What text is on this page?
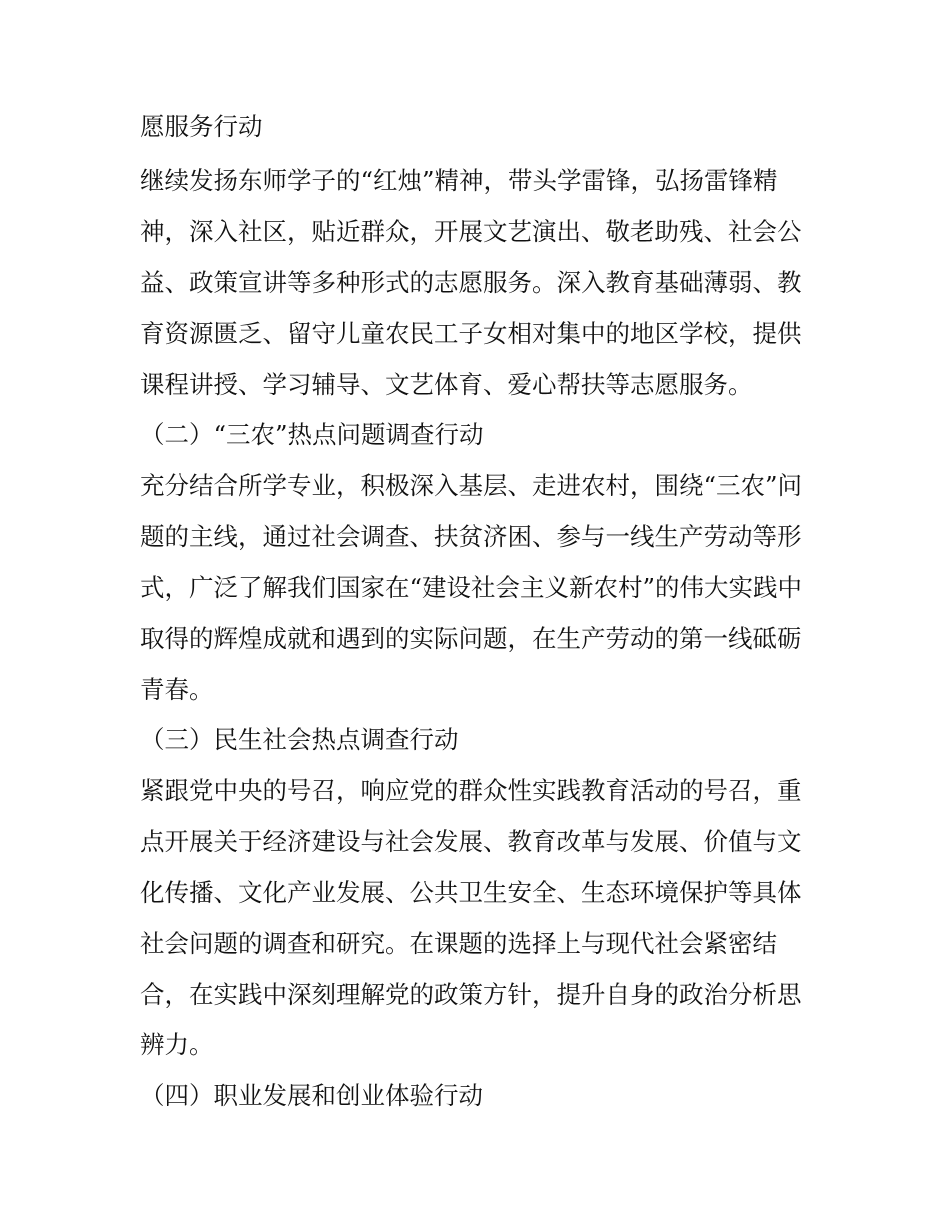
愿服务行动
继续发扬东师学子的“红烛”精神，带头学雷锋，弘扬雷锋精
神，深入社区，贴近群众，开展文艺演出、敬老助残、社会公
益、政策宣讲等多种形式的志愿服务。深入教育基础薄弱、教
育资源匮乏、留守儿童农民工子女相对集中的地区学校，提供
课程讲授、学习辅导、文艺体育、爱心帮扶等志愿服务。
（二）“三农”热点问题调查行动
充分结合所学专业，积极深入基层、走进农村，围绕“三农”问
题的主线，通过社会调查、扶贫济困、参与一线生产劳动等形
式，广泛了解我们国家在“建设社会主义新农村”的伟大实践中
取得的辉煌成就和遇到的实际问题，在生产劳动的第一线砥砺
青春。
（三）民生社会热点调查行动
紧跟党中央的号召，响应党的群众性实践教育活动的号召，重
点开展关于经济建设与社会发展、教育改革与发展、价值与文
化传播、文化产业发展、公共卫生安全、生态环境保护等具体
社会问题的调查和研究。在课题的选择上与现代社会紧密结
合，在实践中深刻理解党的政策方针，提升自身的政治分析思
辨力。
（四）职业发展和创业体验行动
